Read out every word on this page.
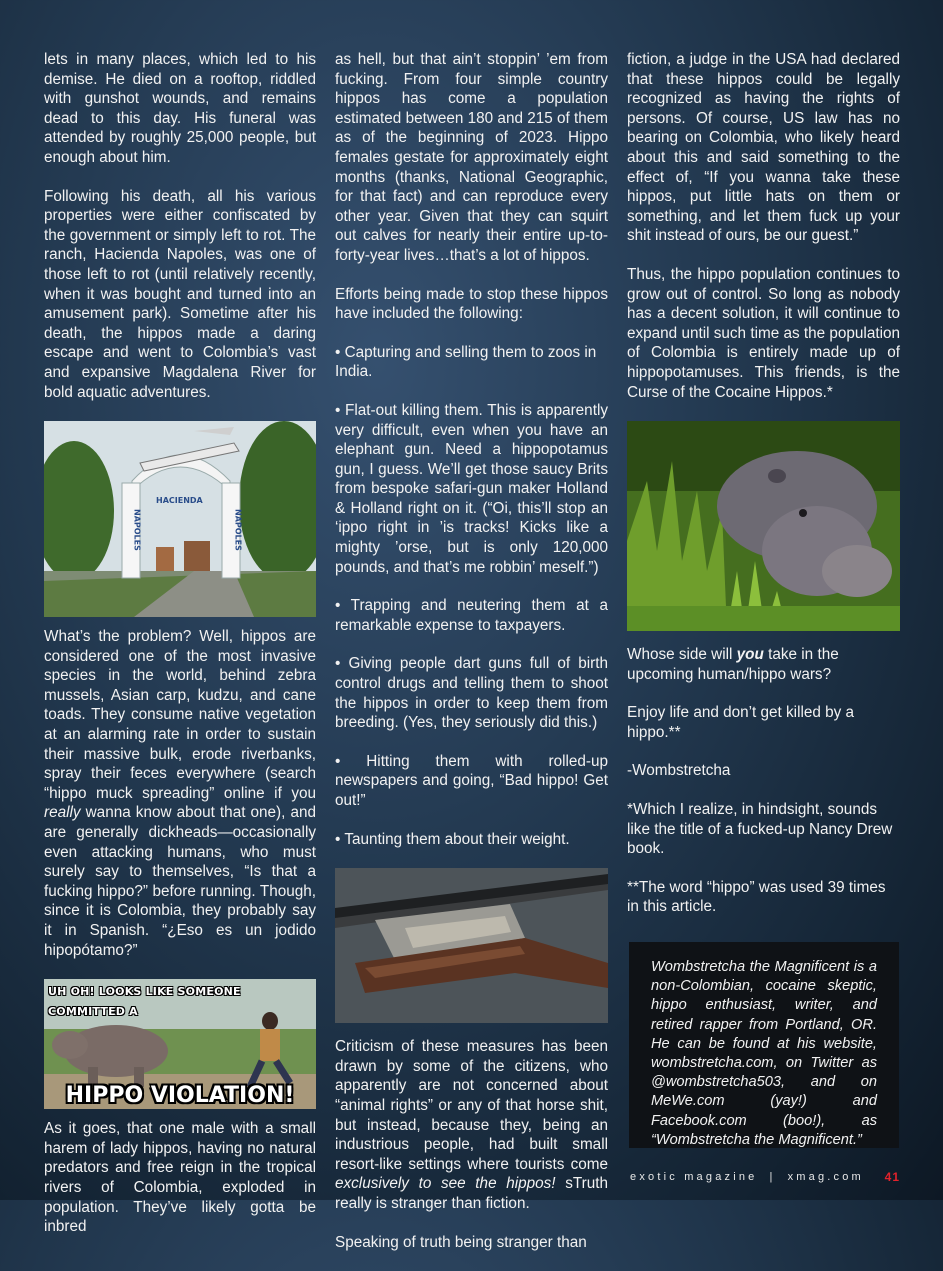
lets in many places, which led to his demise. He died on a rooftop, riddled with gunshot wounds, and remains dead to this day. His funeral was attended by roughly 25,000 people, but enough about him.

Following his death, all his various properties were either confiscated by the government or simply left to rot. The ranch, Hacienda Napoles, was one of those left to rot (until relatively recently, when it was bought and turned into an amusement park). Sometime after his death, the hippos made a daring escape and went to Colombia’s vast and expansive Magdalena River for bold aquatic adventures.

HACIENDA
NAPOLES	NAPOLES

What’s the problem? Well, hippos are considered one of the most invasive species in the world, behind zebra mussels, Asian carp, kudzu, and cane toads. They consume native vegetation at an alarming rate in order to sustain their massive bulk, erode riverbanks, spray their feces everywhere (search “hippo muck spreading” online if you really wanna know about that one), and are generally dickheads—occasionally even attacking humans, who must surely say to themselves, “Is that a fucking hippo?” before running. Though, since it is Colombia, they probably say it in Spanish. “¿Eso es un jodido hipopótamo?”

UH OH! LOOKS LIKE SOMEONE COMMITTED A
HIPPO VIOLATION!

As it goes, that one male with a small harem of lady hippos, having no natural predators and free reign in the tropical rivers of Colombia, exploded in population. They’ve likely gotta be inbred

as hell, but that ain’t stoppin’ ’em from fucking. From four simple country hippos has come a population estimated between 180 and 215 of them as of the beginning of 2023. Hippo females gestate for approximately eight months (thanks, National Geographic, for that fact) and can reproduce every other year. Given that they can squirt out calves for nearly their entire up-to-forty-year lives…that’s a lot of hippos.

Efforts being made to stop these hippos have included the following:

• Capturing and selling them to zoos in India.

• Flat-out killing them. This is apparently very difficult, even when you have an elephant gun. Need a hippopotamus gun, I guess. We’ll get those saucy Brits from bespoke safari-gun maker Holland & Holland right on it. (“Oi, this’ll stop an ‘ippo right in ’is tracks! Kicks like a mighty ’orse, but is only 120,000 pounds, and that’s me robbin’ meself.”)

• Trapping and neutering them at a remarkable expense to taxpayers.

• Giving people dart guns full of birth control drugs and telling them to shoot the hippos in order to keep them from breeding. (Yes, they seriously did this.)

• Hitting them with rolled-up newspapers and going, “Bad hippo! Get out!”

• Taunting them about their weight.

Criticism of these measures has been drawn by some of the citizens, who apparently are not concerned about “animal rights” or any of that horse shit, but instead, because they, being an industrious people, had built small resort-like settings where tourists come exclusively to see the hippos! sTruth really is stranger than fiction.

Speaking of truth being stranger than

fiction, a judge in the USA had declared that these hippos could be legally recognized as having the rights of persons. Of course, US law has no bearing on Colombia, who likely heard about this and said something to the effect of, “If you wanna take these hippos, put little hats on them or something, and let them fuck up your shit instead of ours, be our guest.”

Thus, the hippo population continues to grow out of control. So long as nobody has a decent solution, it will continue to expand until such time as the population of Colombia is entirely made up of hippopotamuses. This friends, is the Curse of the Cocaine Hippos.*

Whose side will you take in the upcoming human/hippo wars?

Enjoy life and don’t get killed by a hippo.**

-Wombstretcha

*Which I realize, in hindsight, sounds like the title of a fucked-up Nancy Drew book.

**The word “hippo” was used 39 times in this article.

Wombstretcha the Magnificent is a non-Colombian, cocaine skeptic, hippo enthusiast, writer, and retired rapper from Portland, OR. He can be found at his website, wombstretcha.com, on Twitter as @wombstretcha503, and on MeWe.com (yay!) and Facebook.com (boo!), as “Wombstretcha the Magnificent.”

exotic magazine | xmag.com 41
